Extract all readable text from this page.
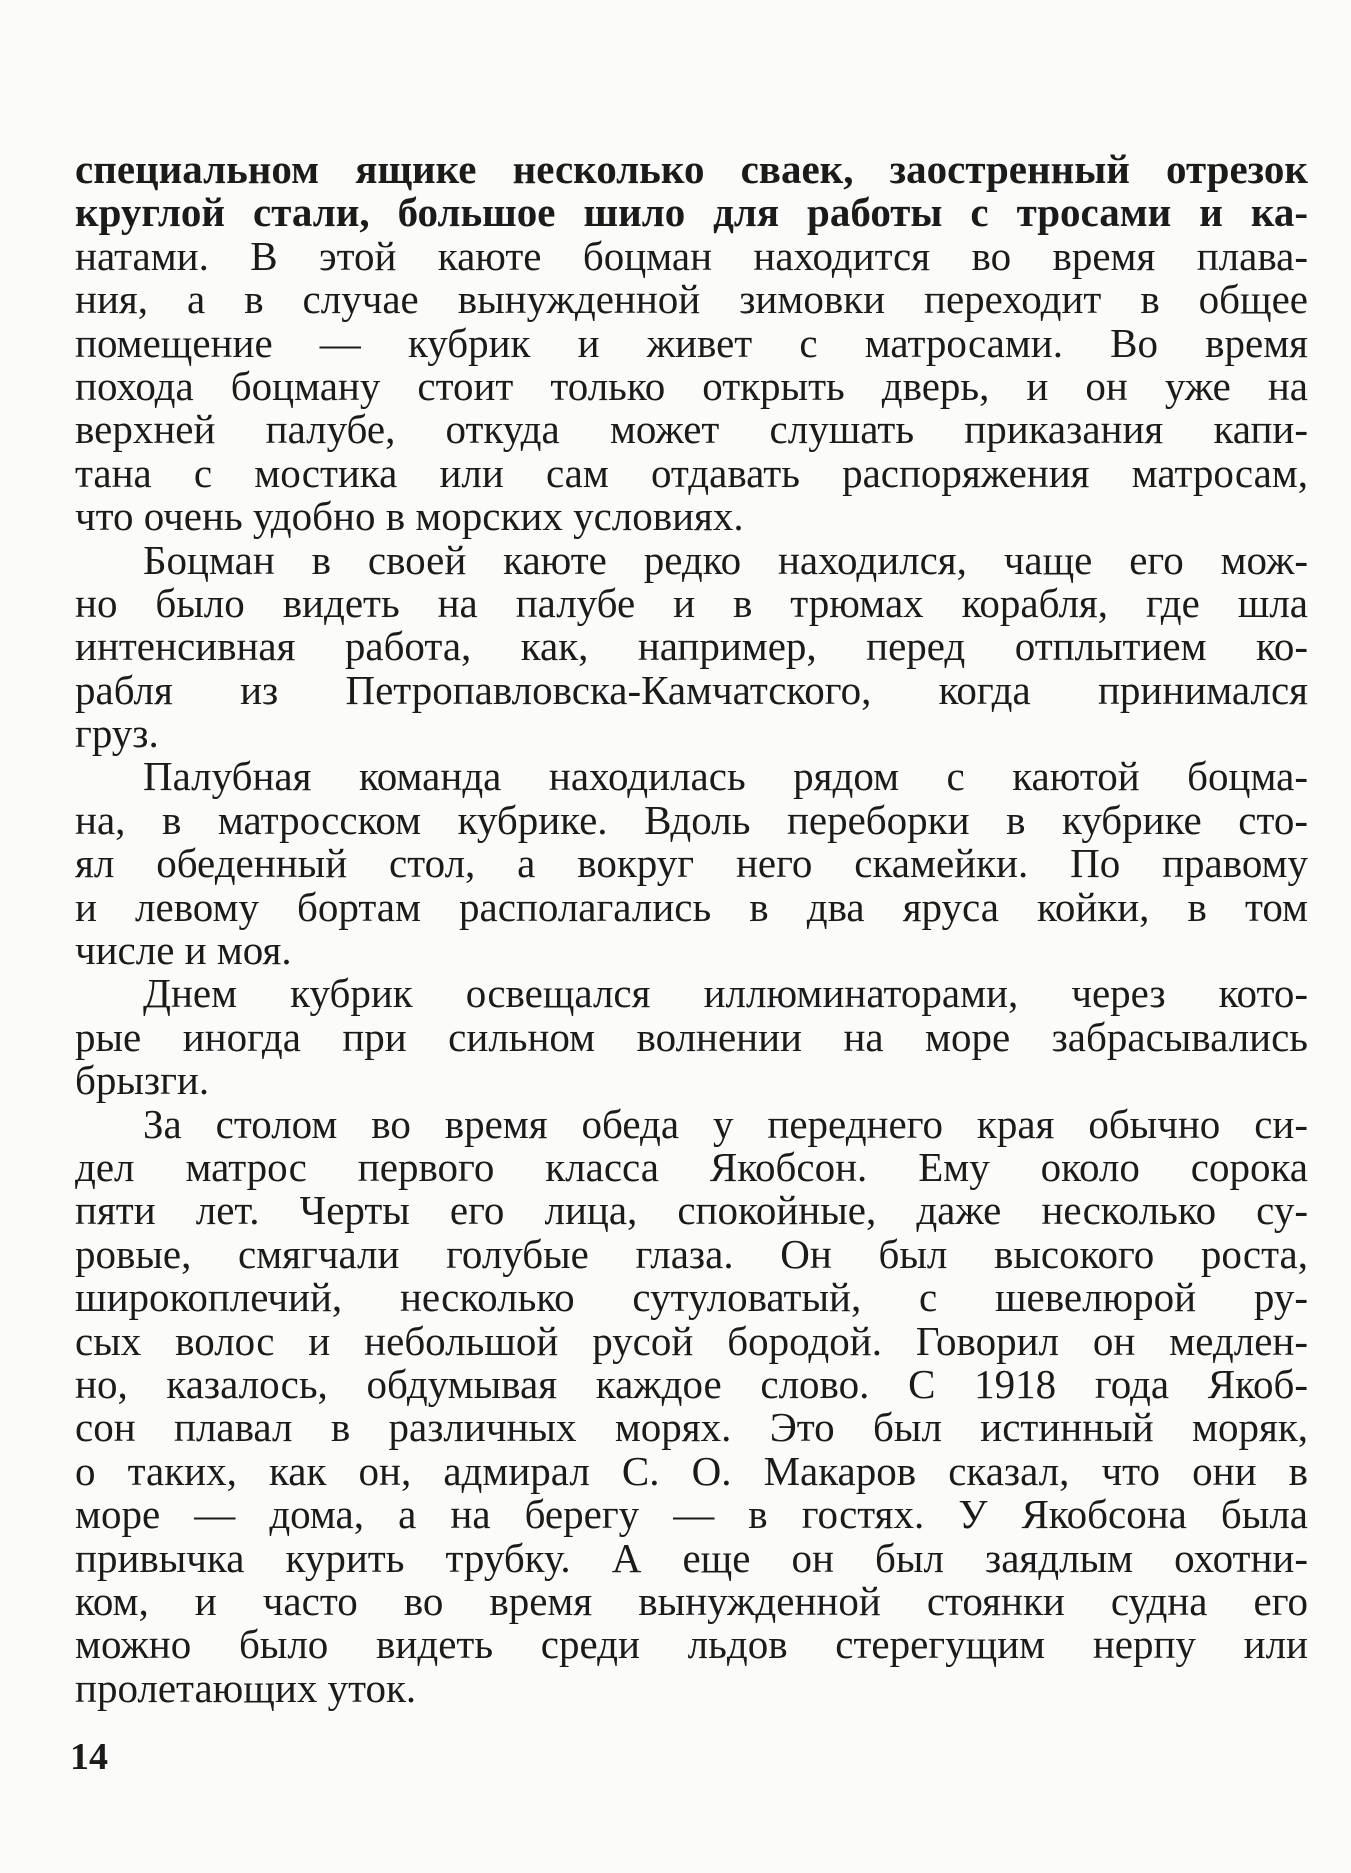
специальном ящике несколько сваек, заостренный отрезок
круглой стали, большое шило для работы с тросами и ка-
натами. В этой каюте боцман находится во время плава-
ния, а в случае вынужденной зимовки переходит в общее
помещение — кубрик и живет с матросами. Во время
похода боцману стоит только открыть дверь, и он уже на
верхней палубе, откуда может слушать приказания капи-
тана с мостика или сам отдавать распоряжения матросам,
что очень удобно в морских условиях.
Боцман в своей каюте редко находился, чаще его мож-
но было видеть на палубе и в трюмах корабля, где шла
интенсивная работа, как, например, перед отплытием ко-
рабля из Петропавловска-Камчатского, когда принимался
груз.
Палубная команда находилась рядом с каютой боцма-
на, в матросском кубрике. Вдоль переборки в кубрике сто-
ял обеденный стол, а вокруг него скамейки. По правому
и левому бортам располагались в два яруса койки, в том
числе и моя.
Днем кубрик освещался иллюминаторами, через кото-
рые иногда при сильном волнении на море забрасывались
брызги.
За столом во время обеда у переднего края обычно си-
дел матрос первого класса Якобсон. Ему около сорока
пяти лет. Черты его лица, спокойные, даже несколько су-
ровые, смягчали голубые глаза. Он был высокого роста,
широкоплечий, несколько сутуловатый, с шевелюрой ру-
сых волос и небольшой русой бородой. Говорил он медлен-
но, казалось, обдумывая каждое слово. С 1918 года Якоб-
сон плавал в различных морях. Это был истинный моряк,
о таких, как он, адмирал С. О. Макаров сказал, что они в
море — дома, а на берегу — в гостях. У Якобсона была
привычка курить трубку. А еще он был заядлым охотни-
ком, и часто во время вынужденной стоянки судна его
можно было видеть среди льдов стерегущим нерпу или
пролетающих уток.
14
